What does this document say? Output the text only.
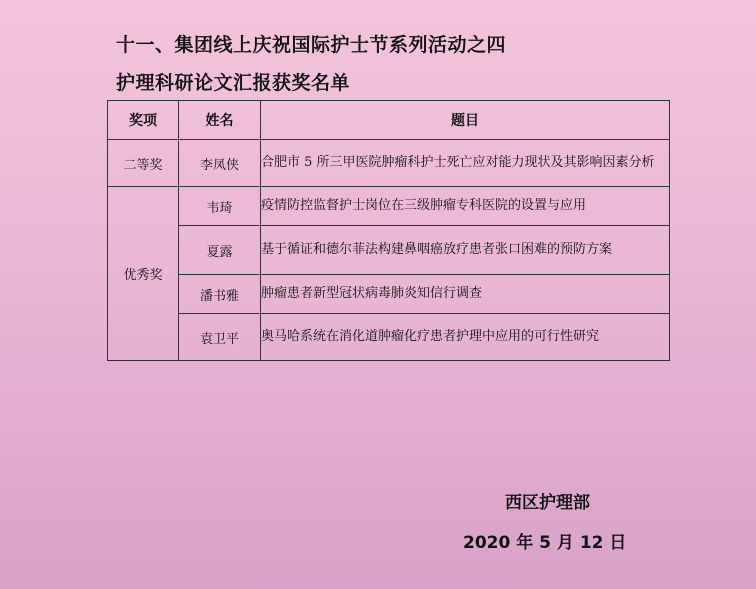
十一、集团线上庆祝国际护士节系列活动之四
护理科研论文汇报获奖名单
奖项	姓名	题目
二等奖	李凤侠	合肥市 5 所三甲医院肿瘤科护士死亡应对能力现状及其影响因素分析
优秀奖	韦琦	疫情防控监督护士岗位在三级肿瘤专科医院的设置与应用
	夏露	基于循证和德尔菲法构建鼻咽癌放疗患者张口困难的预防方案
	潘书雅	肿瘤患者新型冠状病毒肺炎知信行调查
	袁卫平	奥马哈系统在消化道肿瘤化疗患者护理中应用的可行性研究
西区护理部
2020 年 5 月 12 日
